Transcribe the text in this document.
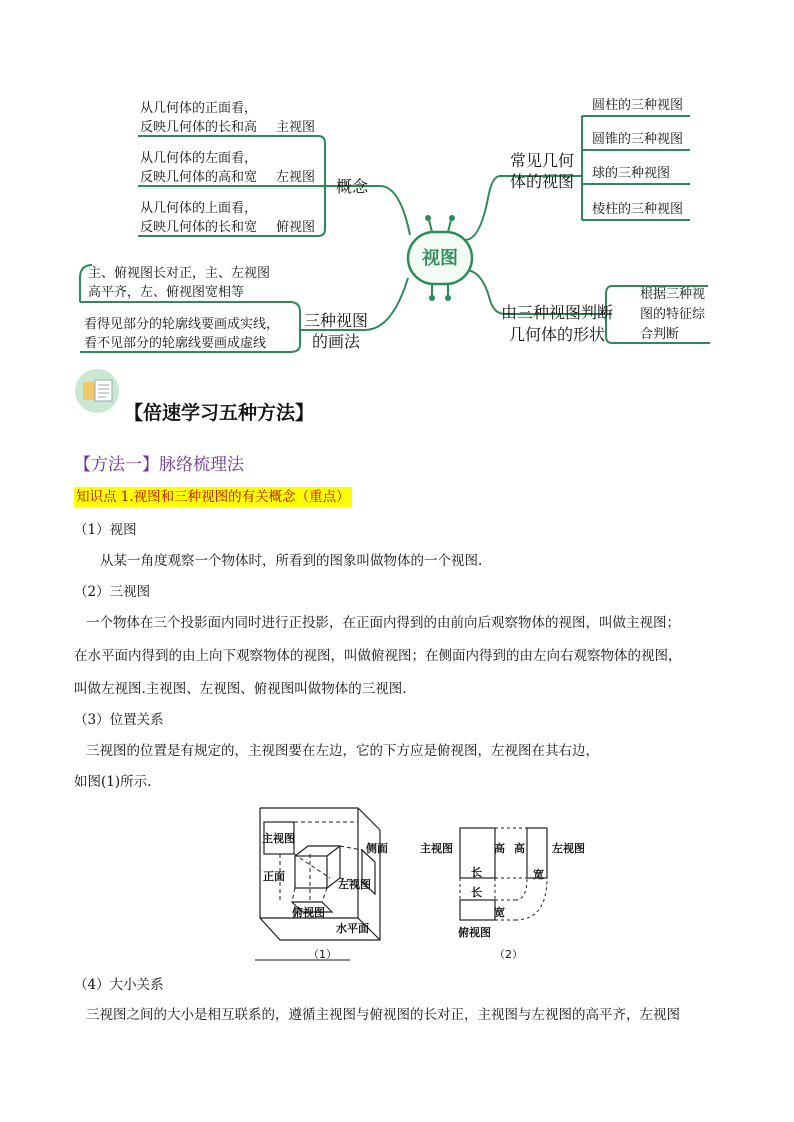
视图
从几何体的正面看，
反映几何体的长和高 主视图
从几何体的左面看，
反映几何体的高和宽 左视图
从几何体的上面看，
反映几何体的长和宽 俯视图
概念
主、俯视图长对正，主、左视图
高平齐，左、俯视图宽相等
看得见部分的轮廓线要画成实线，
看不见部分的轮廓线要画成虚线
三种视图
的画法
常见几何
体的视图
圆柱的三种视图
圆锥的三种视图
球的三种视图
棱柱的三种视图
由三种视图判断
几何体的形状
根据三种视
图的特征综
合判断
【倍速学习五种方法】
【方法一】脉络梳理法
知识点 1.视图和三种视图的有关概念（重点）
（1）视图
从某一角度观察一个物体时，所看到的图象叫做物体的一个视图.
（2）三视图
一个物体在三个投影面内同时进行正投影，在正面内得到的由前向后观察物体的视图，叫做主视图；
在水平面内得到的由上向下观察物体的视图，叫做俯视图；在侧面内得到的由左向右观察物体的视图，
叫做左视图.主视图、左视图、俯视图叫做物体的三视图.
（3）位置关系
三视图的位置是有规定的，主视图要在左边，它的下方应是俯视图，左视图在其右边，
如图(1)所示.
主视图
侧面
正面
左视图
俯视图
水平面
（1）
主视图	左视图
高 高
长
长
宽
宽
俯视图
（2）
（4）大小关系
三视图之间的大小是相互联系的，遵循主视图与俯视图的长对正，主视图与左视图的高平齐，左视图
